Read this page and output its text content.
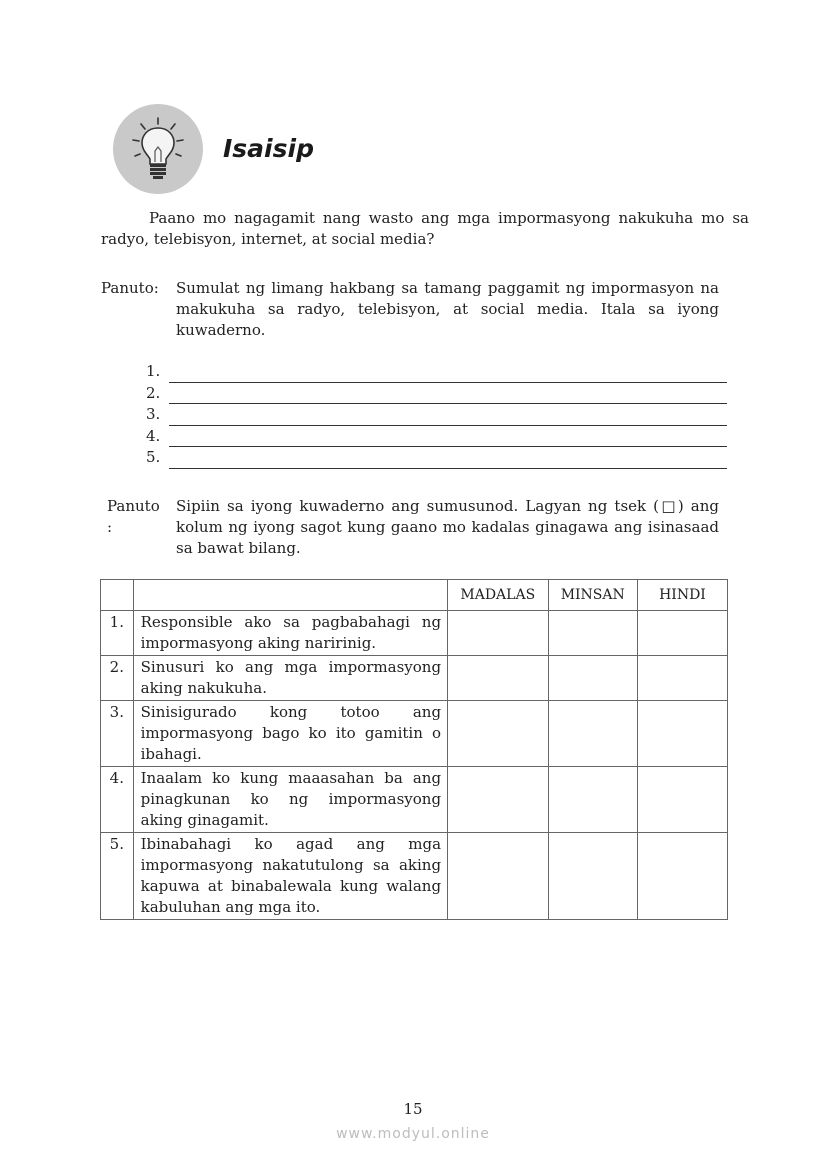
Isaisip

Paano mo nagagamit nang wasto ang mga impormasyong nakukuha mo sa radyo, telebisyon, internet, at social media?

Panuto:	Sumulat ng limang hakbang sa tamang paggamit ng impormasyon na makukuha sa radyo, telebisyon, at social media. Itala sa iyong kuwaderno.
1.
2.
3.
4.
5.
Panuto :
Sipiin sa iyong kuwaderno ang sumusunod. Lagyan ng tsek (□) ang kolum ng iyong sagot kung gaano mo kadalas ginagawa ang isinasaad sa bawat bilang.
		MADALAS	MINSAN	HINDI
1.	Responsible ako sa pagbabahagi ng impormasyong aking naririnig.			
2.	Sinusuri ko ang mga impormasyong aking nakukuha.			
3.	Sinisigurado kong totoo ang impormasyong bago ko ito gamitin o ibahagi.			
4.	Inaalam ko kung maaasahan ba ang pinagkunan ko ng impormasyong aking ginagamit.			
5.	Ibinabahagi ko agad ang mga impormasyong nakatutulong sa aking kapuwa at binabalewala kung walang kabuluhan ang mga ito.			
15
www.modyul.online
